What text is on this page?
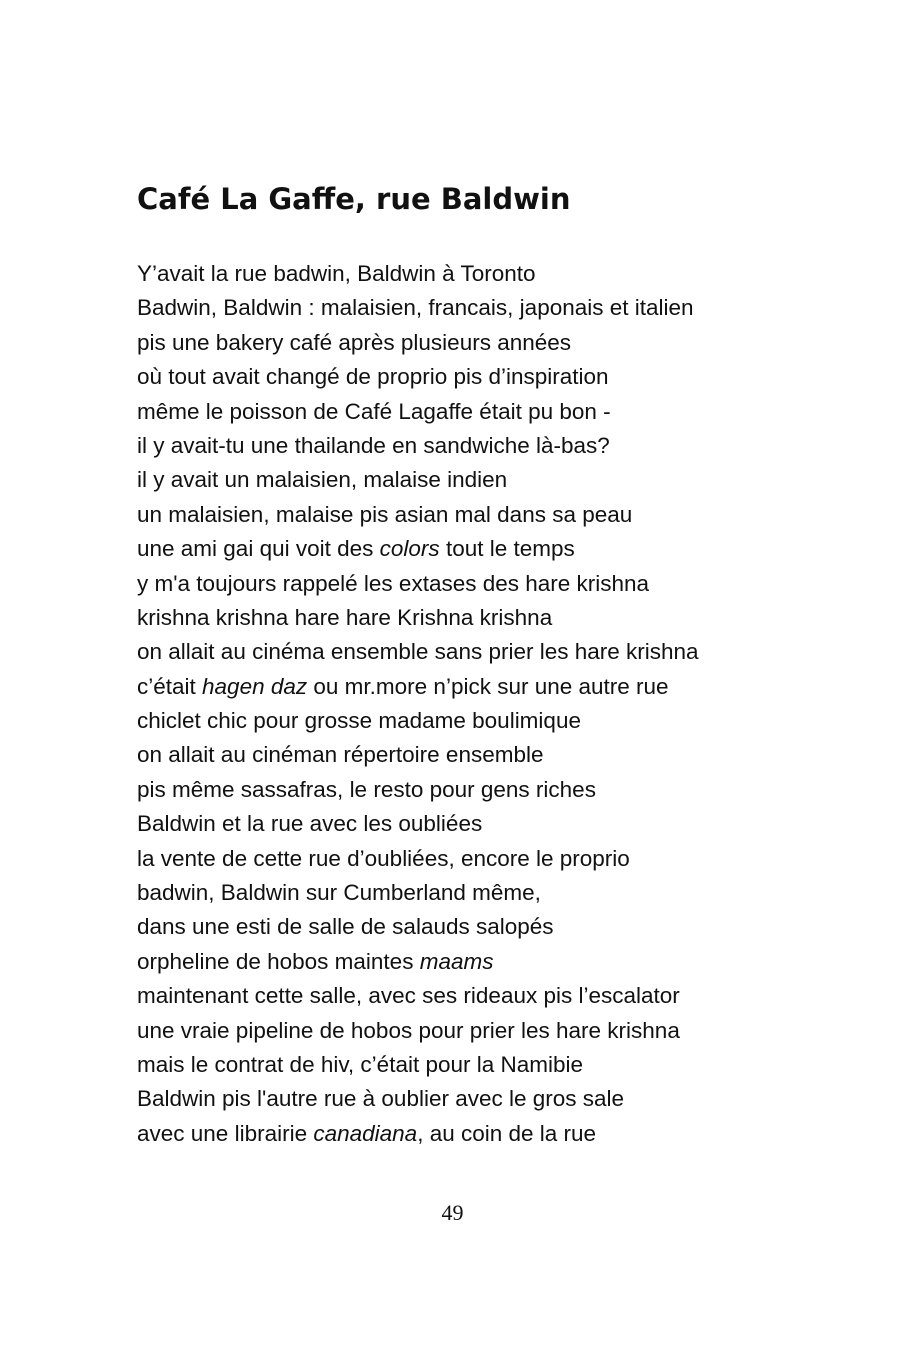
Café La Gaffe, rue Baldwin
Y’avait la rue badwin, Baldwin à Toronto
Badwin, Baldwin : malaisien, francais, japonais et italien
pis une bakery café après plusieurs années
où tout avait changé de proprio pis d’inspiration
même le poisson de Café Lagaffe était pu bon -
il y avait-tu une thailande en sandwiche là-bas?
il y avait un malaisien, malaise indien
un malaisien, malaise pis asian mal dans sa peau
une ami gai qui voit des colors tout le temps
y m'a toujours rappelé les extases des hare krishna
krishna krishna hare hare Krishna krishna
on allait au cinéma ensemble sans prier les hare krishna
c’était hagen daz ou mr.more n’pick sur une autre rue
chiclet chic pour grosse madame boulimique
on allait au cinéman répertoire ensemble
pis même sassafras, le resto pour gens riches
Baldwin et la rue avec les oubliées
la vente de cette rue d’oubliées, encore le proprio
badwin, Baldwin sur Cumberland même,
dans une esti de salle de salauds salopés
orpheline de hobos maintes maams
maintenant cette salle, avec ses rideaux pis l’escalator
une vraie pipeline de hobos pour prier les hare krishna
mais le contrat de hiv, c’était pour la Namibie
Baldwin pis l'autre rue à oublier avec le gros sale
avec une librairie canadiana, au coin de la rue
49
